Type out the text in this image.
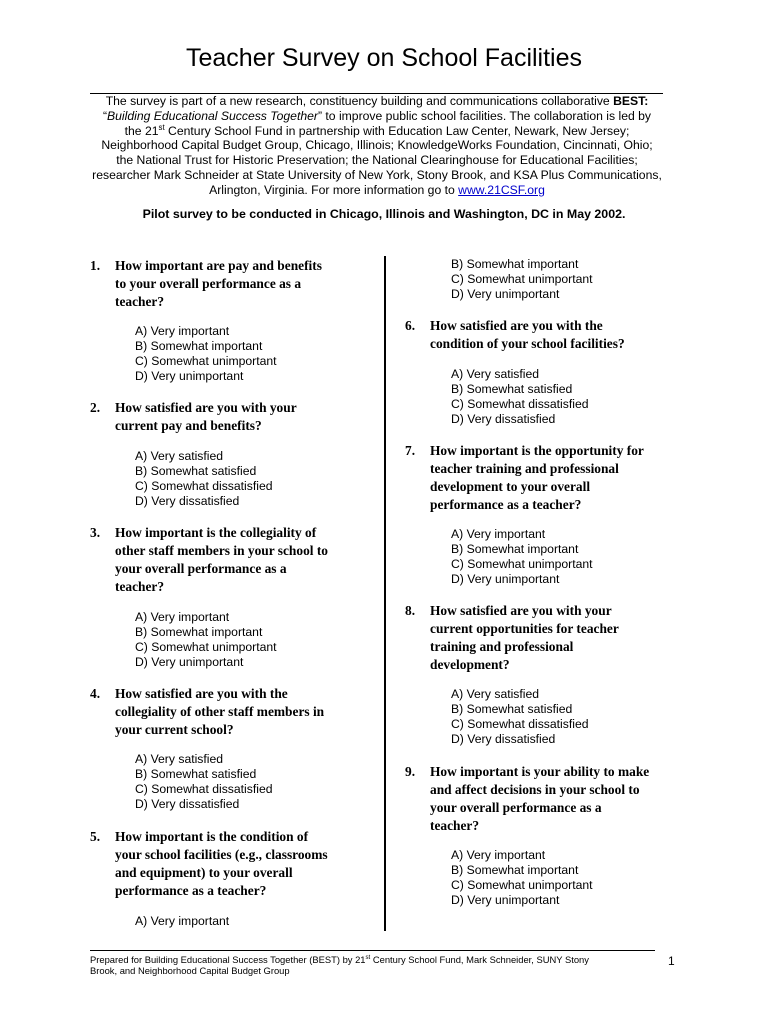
Teacher Survey on School Facilities
The survey is part of a new research, constituency building and communications collaborative BEST:
“Building Educational Success Together” to improve public school facilities. The collaboration is led by
the 21st Century School Fund in partnership with Education Law Center, Newark, New Jersey;
Neighborhood Capital Budget Group, Chicago, Illinois; KnowledgeWorks Foundation, Cincinnati, Ohio;
the National Trust for Historic Preservation; the National Clearinghouse for Educational Facilities;
researcher Mark Schneider at State University of New York, Stony Brook, and KSA Plus Communications,
Arlington, Virginia. For more information go to www.21CSF.org
Pilot survey to be conducted in Chicago, Illinois and Washington, DC in May 2002.
1. How important are pay and benefits
to your overall performance as a
teacher?
A) Very important
B) Somewhat important
C) Somewhat unimportant
D) Very unimportant
2. How satisfied are you with your
current pay and benefits?
A) Very satisfied
B) Somewhat satisfied
C) Somewhat dissatisfied
D) Very dissatisfied
3. How important is the collegiality of
other staff members in your school to
your overall performance as a
teacher?
A) Very important
B) Somewhat important
C) Somewhat unimportant
D) Very unimportant
4. How satisfied are you with the
collegiality of other staff members in
your current school?
A) Very satisfied
B) Somewhat satisfied
C) Somewhat dissatisfied
D) Very dissatisfied
5. How important is the condition of
your school facilities (e.g., classrooms
and equipment) to your overall
performance as a teacher?
A) Very important
B) Somewhat important
C) Somewhat unimportant
D) Very unimportant
6. How satisfied are you with the
condition of your school facilities?
A) Very satisfied
B) Somewhat satisfied
C) Somewhat dissatisfied
D) Very dissatisfied
7. How important is the opportunity for
teacher training and professional
development to your overall
performance as a teacher?
A) Very important
B) Somewhat important
C) Somewhat unimportant
D) Very unimportant
8. How satisfied are you with your
current opportunities for teacher
training and professional
development?
A) Very satisfied
B) Somewhat satisfied
C) Somewhat dissatisfied
D) Very dissatisfied
9. How important is your ability to make
and affect decisions in your school to
your overall performance as a
teacher?
A) Very important
B) Somewhat important
C) Somewhat unimportant
D) Very unimportant
Prepared for Building Educational Success Together (BEST) by 21st Century School Fund, Mark Schneider, SUNY Stony
Brook, and Neighborhood Capital Budget Group
1
